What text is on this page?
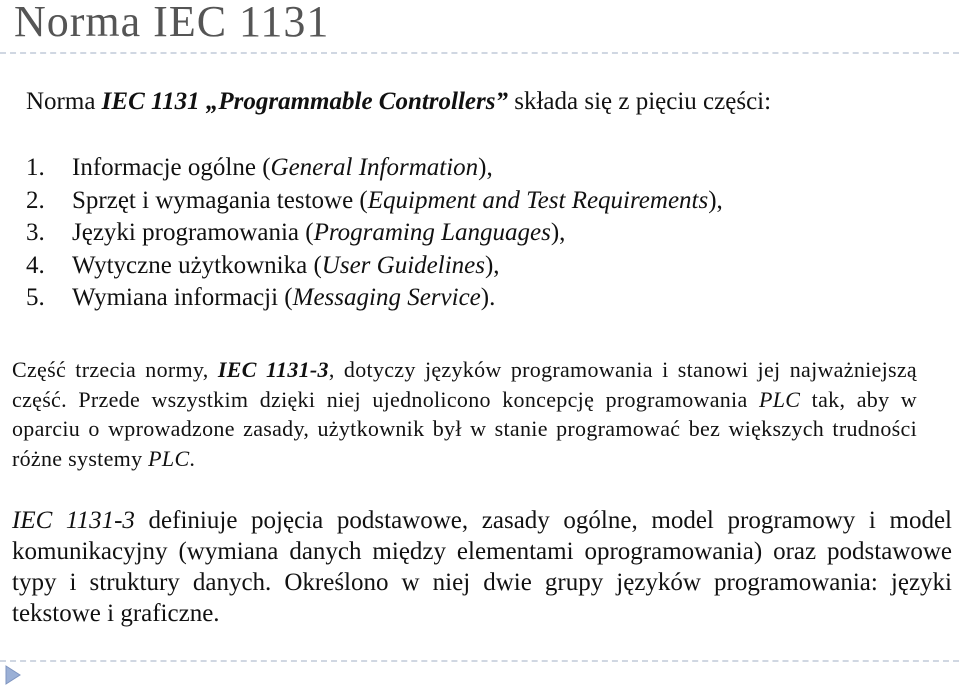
Norma IEC 1131
Norma IEC 1131 „Programmable Controllers” składa się z pięciu części:
1.	Informacje ogólne (General Information),
2.	Sprzęt i wymagania testowe (Equipment and Test Requirements),
3.	Języki programowania (Programing Languages),
4.	Wytyczne użytkownika (User Guidelines),
5.	Wymiana informacji (Messaging Service).

Część trzecia normy, IEC 1131-3, dotyczy języków programowania i stanowi jej najważniejszą część. Przede wszystkim dzięki niej ujednolicono koncepcję programowania PLC tak, aby w oparciu o wprowadzone zasady, użytkownik był w stanie programować bez większych trudności różne systemy PLC.

IEC 1131-3 definiuje pojęcia podstawowe, zasady ogólne, model programowy i model komunikacyjny (wymiana danych między elementami oprogramowania) oraz podstawowe typy i struktury danych. Określono w niej dwie grupy języków programowania: języki tekstowe i graficzne.
